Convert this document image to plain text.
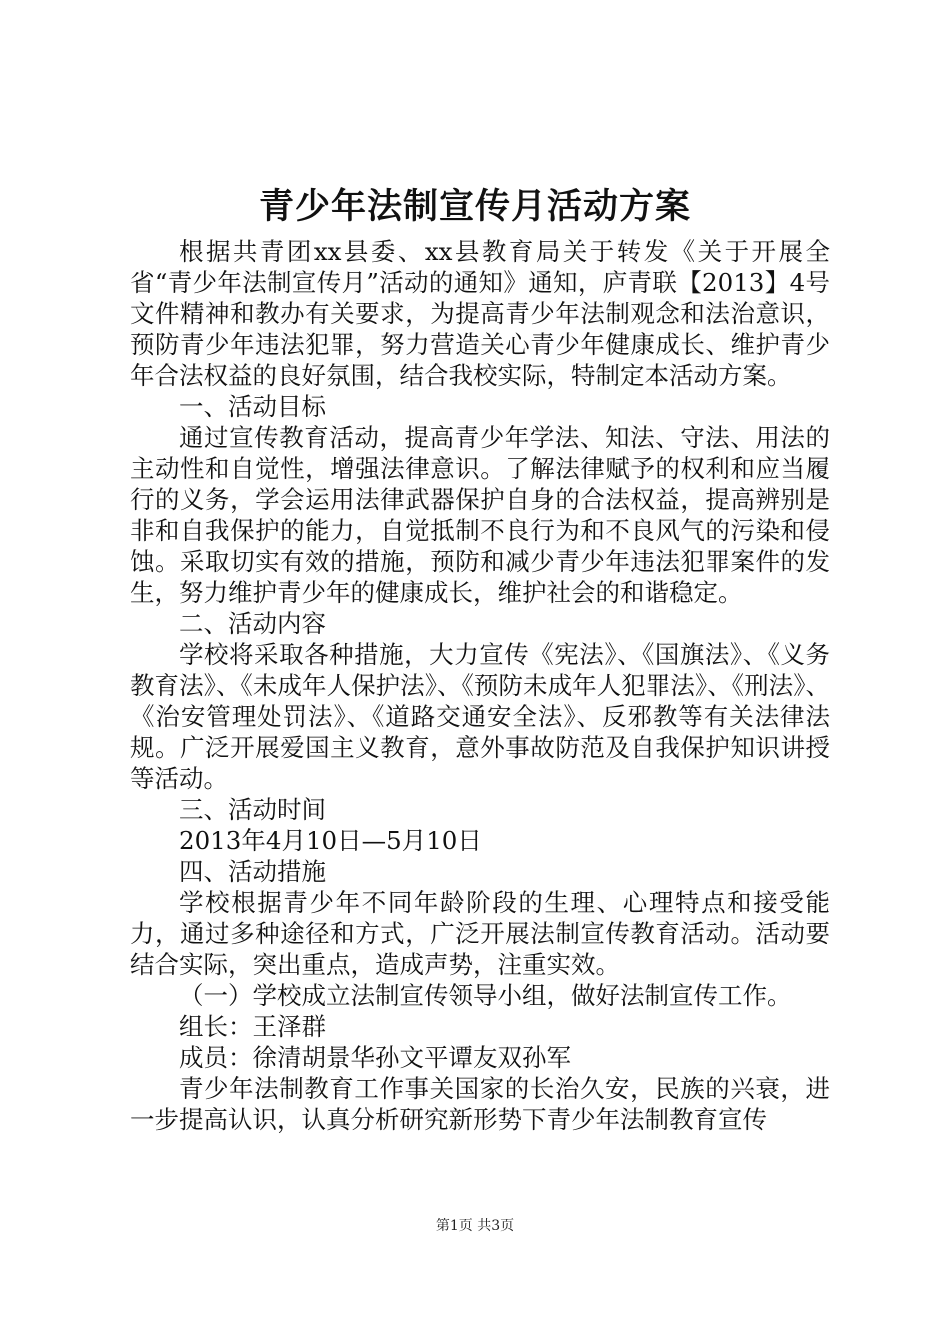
青少年法制宣传月活动方案

根据共青团xx县委、xx县教育局关于转发《关于开展全省“青少年法制宣传月”活动的通知》通知，庐青联【2013】4号文件精神和教办有关要求，为提高青少年法制观念和法治意识，预防青少年违法犯罪，努力营造关心青少年健康成长、维护青少年合法权益的良好氛围，结合我校实际，特制定本活动方案。

一、活动目标

通过宣传教育活动，提高青少年学法、知法、守法、用法的主动性和自觉性，增强法律意识。了解法律赋予的权利和应当履行的义务，学会运用法律武器保护自身的合法权益，提高辨别是非和自我保护的能力，自觉抵制不良行为和不良风气的污染和侵蚀。采取切实有效的措施，预防和减少青少年违法犯罪案件的发生，努力维护青少年的健康成长，维护社会的和谐稳定。

二、活动内容

学校将采取各种措施，大力宣传《宪法》、《国旗法》、《义务教育法》、《未成年人保护法》、《预防未成年人犯罪法》、《刑法》、《治安管理处罚法》、《道路交通安全法》、反邪教等有关法律法规。广泛开展爱国主义教育，意外事故防范及自我保护知识讲授等活动。

三、活动时间

2013年4月10日—5月10日

四、活动措施

学校根据青少年不同年龄阶段的生理、心理特点和接受能力，通过多种途径和方式，广泛开展法制宣传教育活动。活动要结合实际，突出重点，造成声势，注重实效。

（一）学校成立法制宣传领导小组，做好法制宣传工作。

组长：王泽群

成员：徐清胡景华孙文平谭友双孙军

青少年法制教育工作事关国家的长治久安，民族的兴衰，进一步提高认识，认真分析研究新形势下青少年法制教育宣传

第1页 共3页
